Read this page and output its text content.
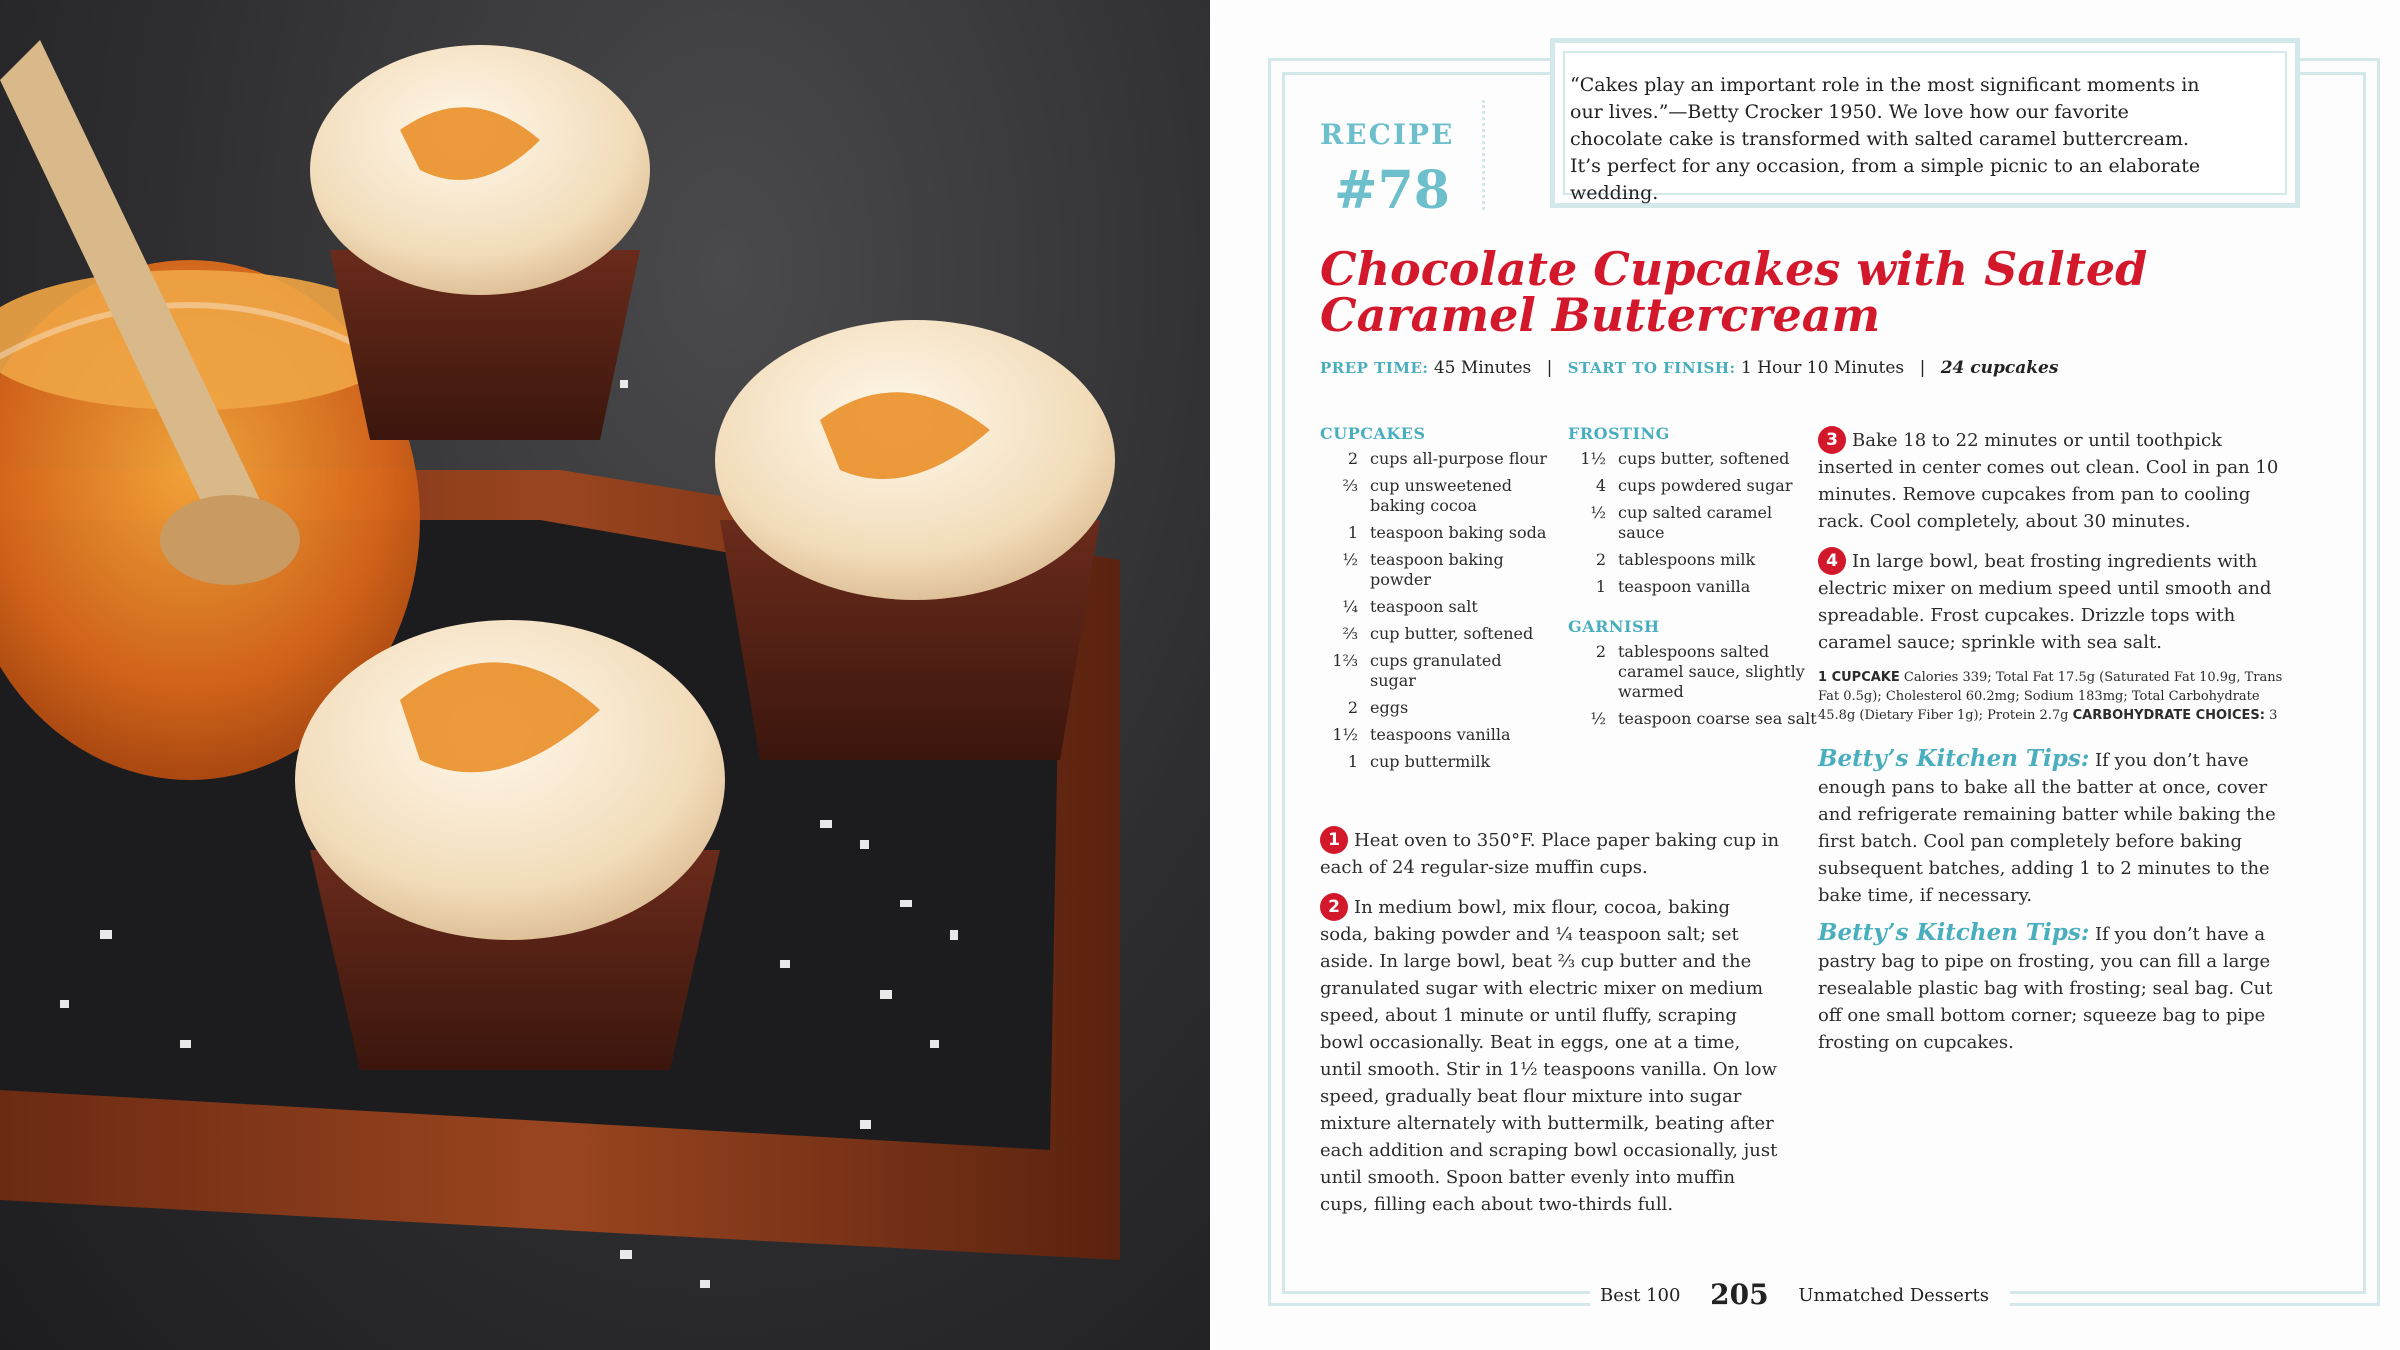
“Cakes play an important role in the most significant moments in our lives.”—Betty Crocker 1950. We love how our favorite chocolate cake is transformed with salted caramel buttercream. It’s perfect for any occasion, from a simple picnic to an elaborate wedding.
RECIPE
#78
Chocolate Cupcakes with Salted Caramel Buttercream
PREP TIME: 45 Minutes | START TO FINISH: 1 Hour 10 Minutes | 24 cupcakes
CUPCAKES
2 cups all-purpose flour
⅔ cup unsweetened baking cocoa
1 teaspoon baking soda
½ teaspoon baking powder
¼ teaspoon salt
⅔ cup butter, softened
1⅔ cups granulated sugar
2 eggs
1½ teaspoons vanilla
1 cup buttermilk
FROSTING
1½ cups butter, softened
4 cups powdered sugar
½ cup salted caramel sauce
2 tablespoons milk
1 teaspoon vanilla
GARNISH
2 tablespoons salted caramel sauce, slightly warmed
½ teaspoon coarse sea salt
1 Heat oven to 350°F. Place paper baking cup in each of 24 regular-size muffin cups.
2 In medium bowl, mix flour, cocoa, baking soda, baking powder and ¼ teaspoon salt; set aside. In large bowl, beat ⅔ cup butter and the granulated sugar with electric mixer on medium speed, about 1 minute or until fluffy, scraping bowl occasionally. Beat in eggs, one at a time, until smooth. Stir in 1½ teaspoons vanilla. On low speed, gradually beat flour mixture into sugar mixture alternately with buttermilk, beating after each addition and scraping bowl occasionally, just until smooth. Spoon batter evenly into muffin cups, filling each about two-thirds full.
3 Bake 18 to 22 minutes or until toothpick inserted in center comes out clean. Cool in pan 10 minutes. Remove cupcakes from pan to cooling rack. Cool completely, about 30 minutes.
4 In large bowl, beat frosting ingredients with electric mixer on medium speed until smooth and spreadable. Frost cupcakes. Drizzle tops with caramel sauce; sprinkle with sea salt.
1 CUPCAKE Calories 339; Total Fat 17.5g (Saturated Fat 10.9g, Trans Fat 0.5g); Cholesterol 60.2mg; Sodium 183mg; Total Carbohydrate 45.8g (Dietary Fiber 1g); Protein 2.7g CARBOHYDRATE CHOICES: 3
Betty’s Kitchen Tips: If you don’t have enough pans to bake all the batter at once, cover and refrigerate remaining batter while baking the first batch. Cool pan completely before baking subsequent batches, adding 1 to 2 minutes to the bake time, if necessary.
Betty’s Kitchen Tips: If you don’t have a pastry bag to pipe on frosting, you can fill a large resealable plastic bag with frosting; seal bag. Cut off one small bottom corner; squeeze bag to pipe frosting on cupcakes.
Best 100 205 Unmatched Desserts
